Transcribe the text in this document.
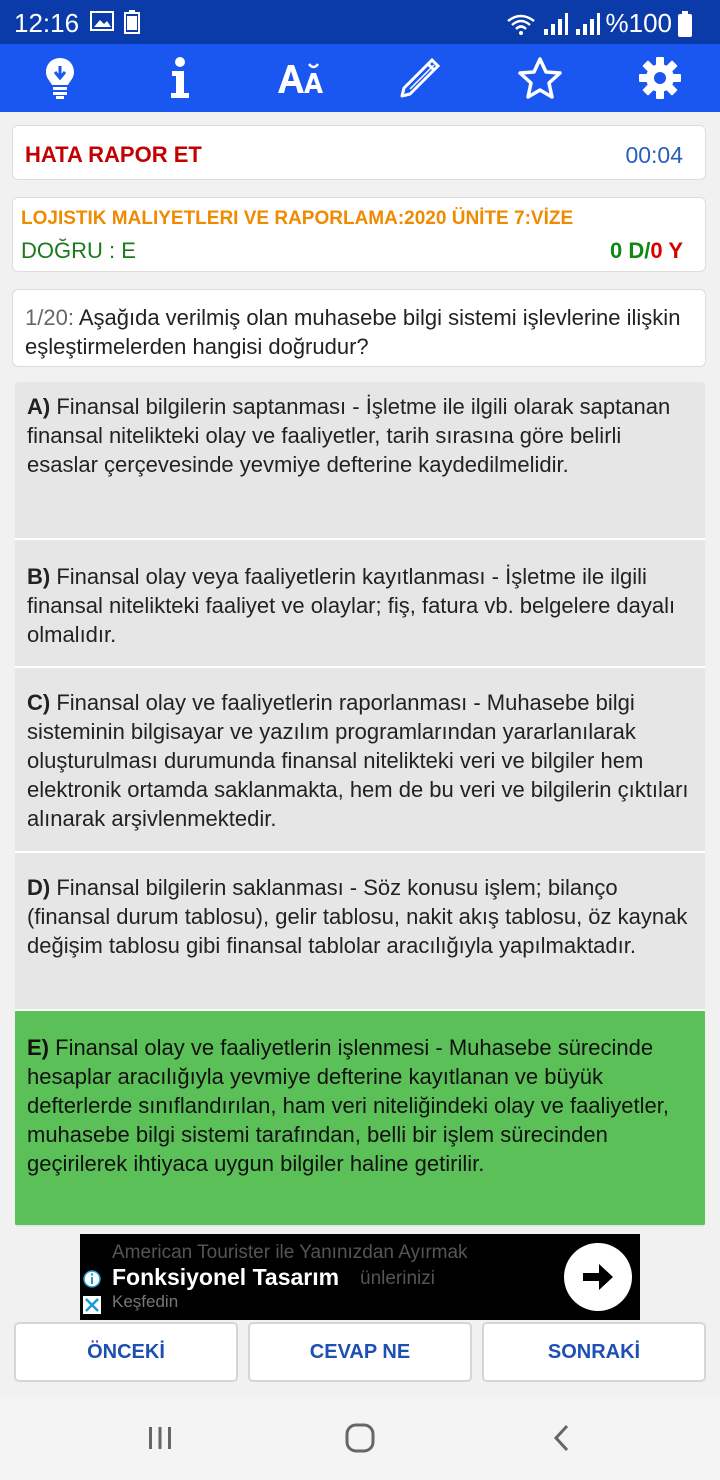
12:16	%100
HATA RAPOR ET	00:04
LOJISTIK MALIYETLERI VE RAPORLAMA:2020 ÜNİTE 7:VİZE
DOĞRU : E	0 D/0 Y
1/20: Aşağıda verilmiş olan muhasebe bilgi sistemi işlevlerine ilişkin eşleştirmelerden hangisi doğrudur?
A) Finansal bilgilerin saptanması - İşletme ile ilgili olarak saptanan finansal nitelikteki olay ve faaliyetler, tarih sırasına göre belirli esaslar çerçevesinde yevmiye defterine kaydedilmelidir.
B) Finansal olay veya faaliyetlerin kayıtlanması - İşletme ile ilgili finansal nitelikteki faaliyet ve olaylar; fiş, fatura vb. belgelere dayalı olmalıdır.
C) Finansal olay ve faaliyetlerin raporlanması - Muhasebe bilgi sisteminin bilgisayar ve yazılım programlarından yararlanılarak oluşturulması durumunda finansal nitelikteki veri ve bilgiler hem elektronik ortamda saklanmakta, hem de bu veri ve bilgilerin çıktıları alınarak arşivlenmektedir.
D) Finansal bilgilerin saklanması - Söz konusu işlem; bilanço (finansal durum tablosu), gelir tablosu, nakit akış tablosu, öz kaynak değişim tablosu gibi finansal tablolar aracılığıyla yapılmaktadır.
E) Finansal olay ve faaliyetlerin işlenmesi - Muhasebe sürecinde hesaplar aracılığıyla yevmiye defterine kayıtlanan ve büyük defterlerde sınıflandırılan, ham veri niteliğindeki olay ve faaliyetler, muhasebe bilgi sistemi tarafından, belli bir işlem sürecinden geçirilerek ihtiyaca uygun bilgiler haline getirilir.
American Tourister ile Yanınızdan Ayırmak
ünlerinizi
Fonksiyonel Tasarım
Keşfedin
ÖNCEKİ	CEVAP NE	SONRAKİ
